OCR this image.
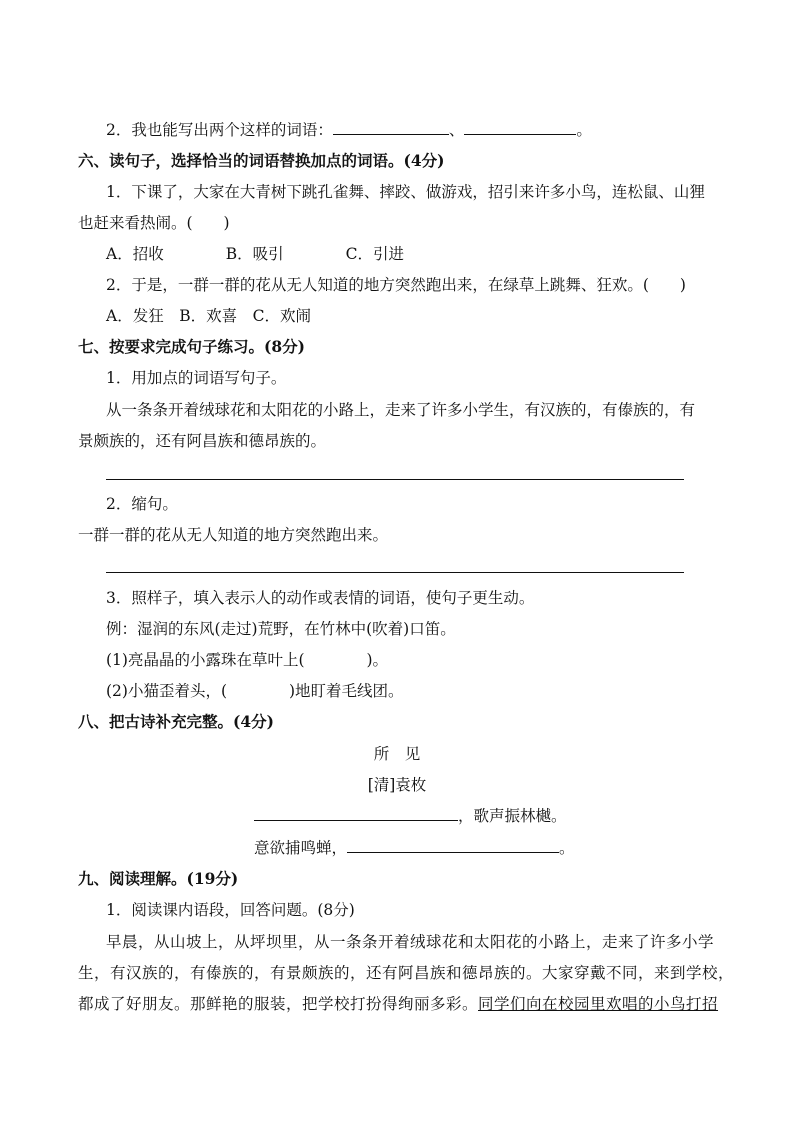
2．我也能写出两个这样的词语：	、	。
六、读句子，选择恰当的词语替换加点的词语。(4分)
1．下课了，大家在大青树下跳孔雀舞、摔跤、做游戏，招引来许多小鸟，连松鼠、山狸
也赶来看热闹。(　　)
A．招收　　　　B．吸引　　　　C．引进
2．于是，一群一群的花从无人知道的地方突然跑出来，在绿草上跳舞、狂欢。(　　)
A．发狂　B．欢喜　C．欢闹
七、按要求完成句子练习。(8分)
1．用加点的词语写句子。
从一条条开着绒球花和太阳花的小路上，走来了许多小学生，有汉族的，有傣族的，有
景颇族的，还有阿昌族和德昂族的。
2．缩句。
一群一群的花从无人知道的地方突然跑出来。
3．照样子，填入表示人的动作或表情的词语，使句子更生动。
例：湿润的东风(走过)荒野，在竹林中(吹着)口笛。
(1)亮晶晶的小露珠在草叶上(　　　　)。
(2)小猫歪着头，(　　　　)地盯着毛线团。
八、把古诗补充完整。(4分)
所　见
[清]袁枚
，歌声振林樾。
意欲捕鸣蝉，	。
九、阅读理解。(19分)
1．阅读课内语段，回答问题。(8分)
早晨，从山坡上，从坪坝里，从一条条开着绒球花和太阳花的小路上，走来了许多小学
生，有汉族的，有傣族的，有景颇族的，还有阿昌族和德昂族的。大家穿戴不同，来到学校，
都成了好朋友。那鲜艳的服装，把学校打扮得绚丽多彩。同学们向在校园里欢唱的小鸟打招
